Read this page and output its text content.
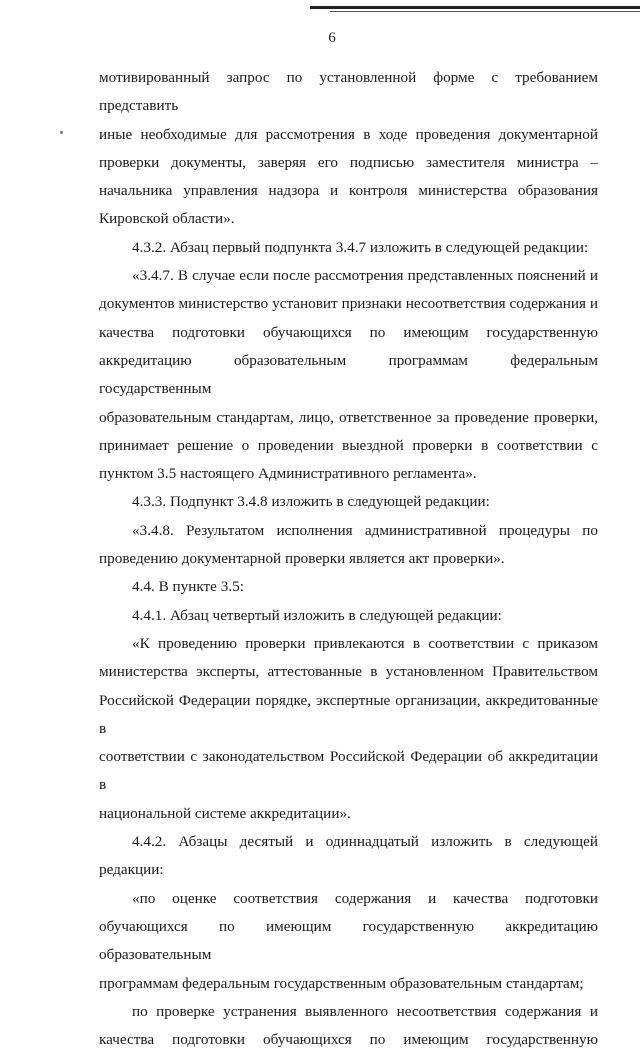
6

мотивированный запрос по установленной форме с требованием представить

иные необходимые для рассмотрения в ходе проведения документарной

проверки документы, заверяя его подписью заместителя министра –

начальника управления надзора и контроля министерства образования

Кировской области».

4.3.2. Абзац первый подпункта 3.4.7 изложить в следующей редакции:

«3.4.7. В случае если после рассмотрения представленных пояснений и

документов министерство установит признаки несоответствия содержания и

качества подготовки обучающихся по имеющим государственную

аккредитацию образовательным программам федеральным государственным

образовательным стандартам, лицо, ответственное за проведение проверки,

принимает решение о проведении выездной проверки в соответствии с

пунктом 3.5 настоящего Административного регламента».

4.3.3. Подпункт 3.4.8 изложить в следующей редакции:

«3.4.8. Результатом исполнения административной процедуры по

проведению документарной проверки является акт проверки».

4.4. В пункте 3.5:

4.4.1. Абзац четвертый изложить в следующей редакции:

«К проведению проверки привлекаются в соответствии с приказом

министерства эксперты, аттестованные в установленном Правительством

Российской Федерации порядке, экспертные организации, аккредитованные в

соответствии с законодательством Российской Федерации об аккредитации в

национальной системе аккредитации».

4.4.2. Абзацы десятый и одиннадцатый изложить в следующей

редакции:

«по оценке соответствия содержания и качества подготовки

обучающихся по имеющим государственную аккредитацию образовательным

программам федеральным государственным образовательным стандартам;

по проверке устранения выявленного несоответствия содержания и

качества подготовки обучающихся по имеющим государственную
